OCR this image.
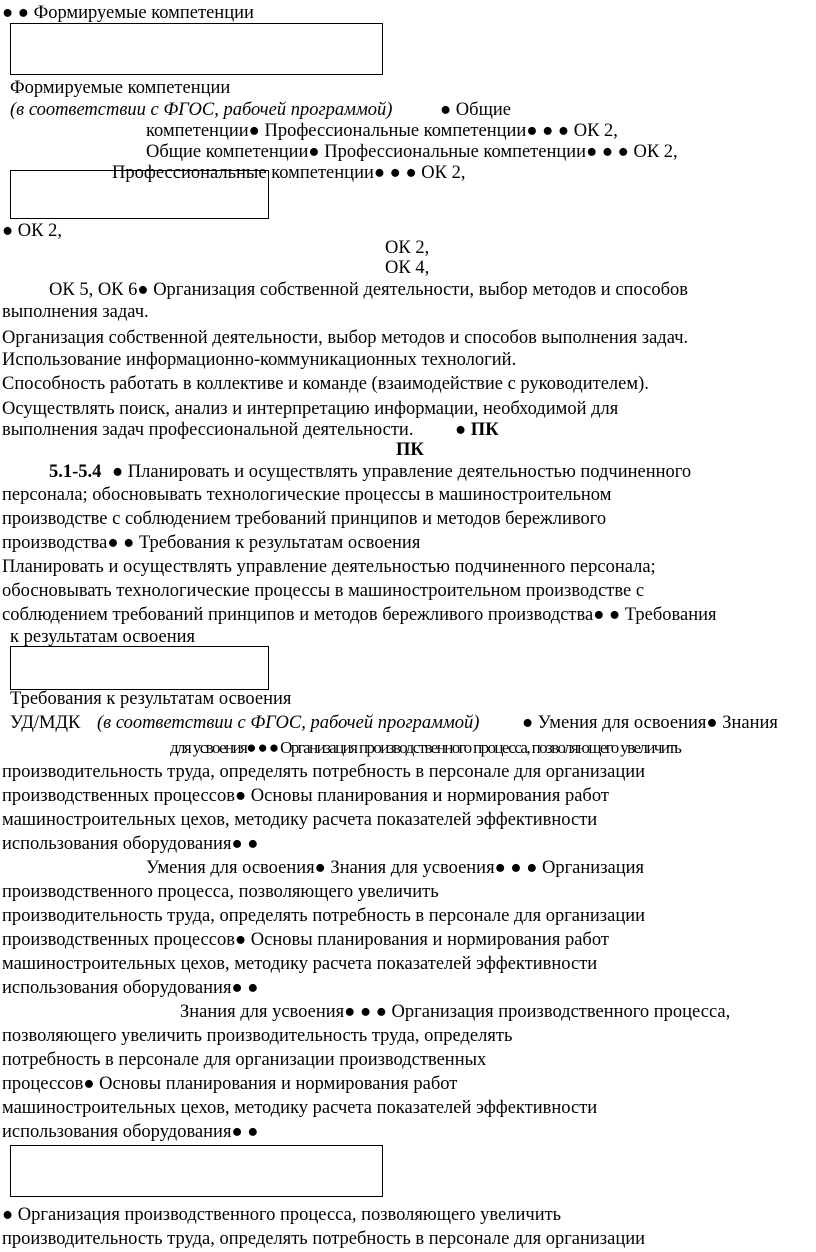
● ● Формируемые компетенции
Формируемые компетенции
(в соответствии с ФГОС, рабочей программой)	● Общие
компетенции● Профессиональные компетенции● ● ● ОК 2,
Общие компетенции● Профессиональные компетенции● ● ● ОК 2,
Профессиональные компетенции● ● ● ОК 2,
● ОК 2,
ОК 2,
ОК 4,
ОК 5, ОК 6● Организация собственной деятельности, выбор методов и способов
выполнения задач.
Организация собственной деятельности, выбор методов и способов выполнения задач.
Использование информационно-коммуникационных технологий.
Способность работать в коллективе и команде (взаимодействие с руководителем).
Осуществлять поиск, анализ и интерпретацию информации, необходимой для
выполнения задач профессиональной деятельности. ● ПК
ПК
5.1-5.4 ● Планировать и осуществлять управление деятельностью подчиненного
персонала; обосновывать технологические процессы в машиностроительном
производстве с соблюдением требований принципов и методов бережливого
производства● ● Требования к результатам освоения
Планировать и осуществлять управление деятельностью подчиненного персонала;
обосновывать технологические процессы в машиностроительном производстве с
соблюдением требований принципов и методов бережливого производства● ● Требования
к результатам освоения
Требования к результатам освоения
УД/МДК (в соответствии с ФГОС, рабочей программой) ● Умения для освоения● Знания
для усвоения● ● ● Организация производственного процесса, позволяющего увеличить
производительность труда, определять потребность в персонале для организации
производственных процессов● Основы планирования и нормирования работ
машиностроительных цехов, методику расчета показателей эффективности
использования оборудования● ●
Умения для освоения● Знания для усвоения● ● ● Организация
производственного процесса, позволяющего увеличить
производительность труда, определять потребность в персонале для организации
производственных процессов● Основы планирования и нормирования работ
машиностроительных цехов, методику расчета показателей эффективности
использования оборудования● ●
Знания для усвоения● ● ● Организация производственного процесса,
позволяющего увеличить производительность труда, определять
потребность в персонале для организации производственных
процессов● Основы планирования и нормирования работ
машиностроительных цехов, методику расчета показателей эффективности
использования оборудования● ●
● Организация производственного процесса, позволяющего увеличить
производительность труда, определять потребность в персонале для организации
